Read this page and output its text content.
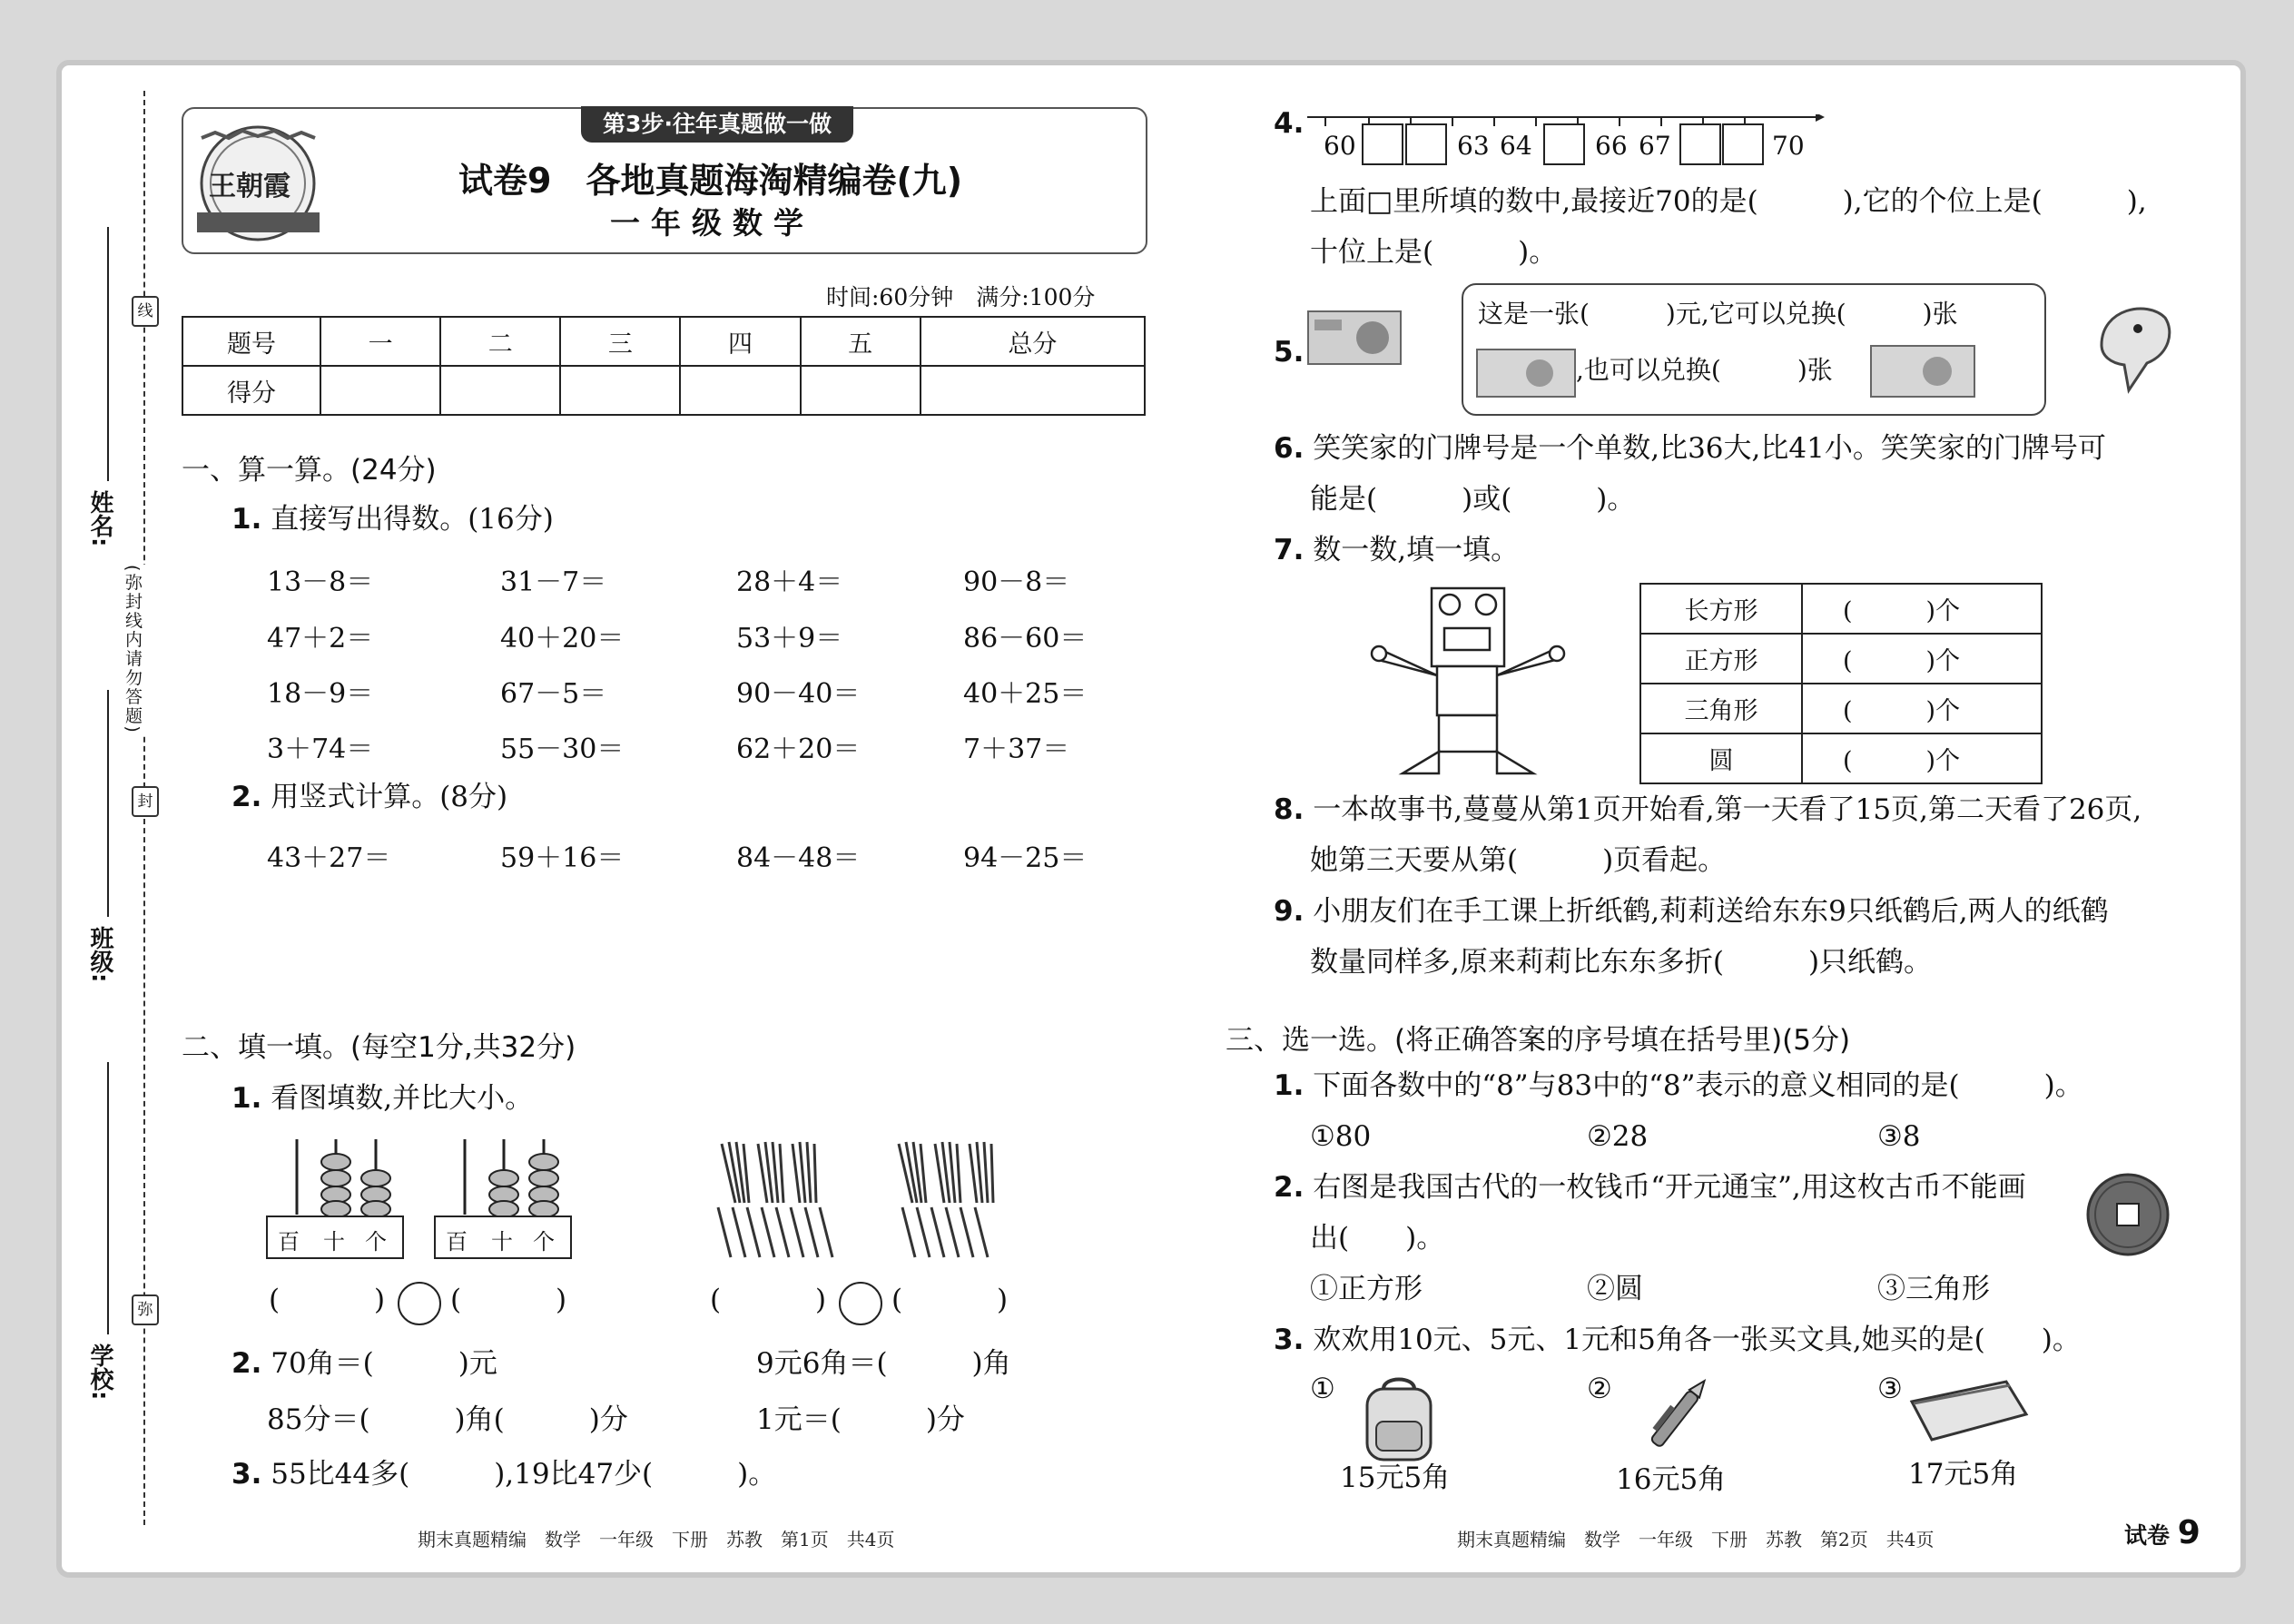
学校:
班级:
姓名:
线
封
弥
(弥封线内请勿答题)
第3步·往年真题做一做
王朝霞	试卷9　各地真题海淘精编卷(九)
一年级数学
时间:60分钟　满分:100分
题号	一	二	三	四	五	总分
得分						
一、算一算。(24分)
1. 直接写出得数。(16分)
13－8＝	31－7＝	28＋4＝	90－8＝
47＋2＝	40＋20＝	53＋9＝	86－60＝
18－9＝	67－5＝	90－40＝	40＋25＝
3＋74＝	55－30＝	62＋20＝	7＋37＝
2. 用竖式计算。(8分)
43＋27＝	59＋16＝	84－48＝	94－25＝
二、填一填。(每空1分,共32分)
1. 看图填数,并比大小。
百 十 个	百 十 个
(	) (	)	(	) (	)
2. 70角＝(　　　)元	9元6角＝(　　　)角
85分＝(　　　)角(　　　)分	1元＝(　　　)分
3. 55比44多(　　　),19比47少(　　　)。
期末真题精编　数学　一年级　下册　苏教　第1页　共4页
4.
60	63 64 66 67	70
上面□里所填的数中,最接近70的是(　　　),它的个位上是(　　　),
十位上是(　　　)。
5.
这是一张(　　　)元,它可以兑换(　　　)张
,也可以兑换(　　　)张
6. 笑笑家的门牌号是一个单数,比36大,比41小。笑笑家的门牌号可
能是(　　　)或(　　　)。
7. 数一数,填一填。
长方形	(　　　)个
正方形	(　　　)个
三角形	(　　　)个
圆	(　　　)个
8. 一本故事书,蔓蔓从第1页开始看,第一天看了15页,第二天看了26页,
她第三天要从第(　　　)页看起。
9. 小朋友们在手工课上折纸鹤,莉莉送给东东9只纸鹤后,两人的纸鹤
数量同样多,原来莉莉比东东多折(　　　)只纸鹤。
三、选一选。(将正确答案的序号填在括号里)(5分)
1. 下面各数中的“8”与83中的“8”表示的意义相同的是(　　　)。
①80	②28	③8
2. 右图是我国古代的一枚钱币“开元通宝”,用这枚古币不能画
出(　　)。
①正方形	②圆	③三角形
3. 欢欢用10元、5元、1元和5角各一张买文具,她买的是(　　)。
①
15元5角
②
16元5角
③
17元5角
期末真题精编　数学　一年级　下册　苏教　第2页　共4页	试卷 9
